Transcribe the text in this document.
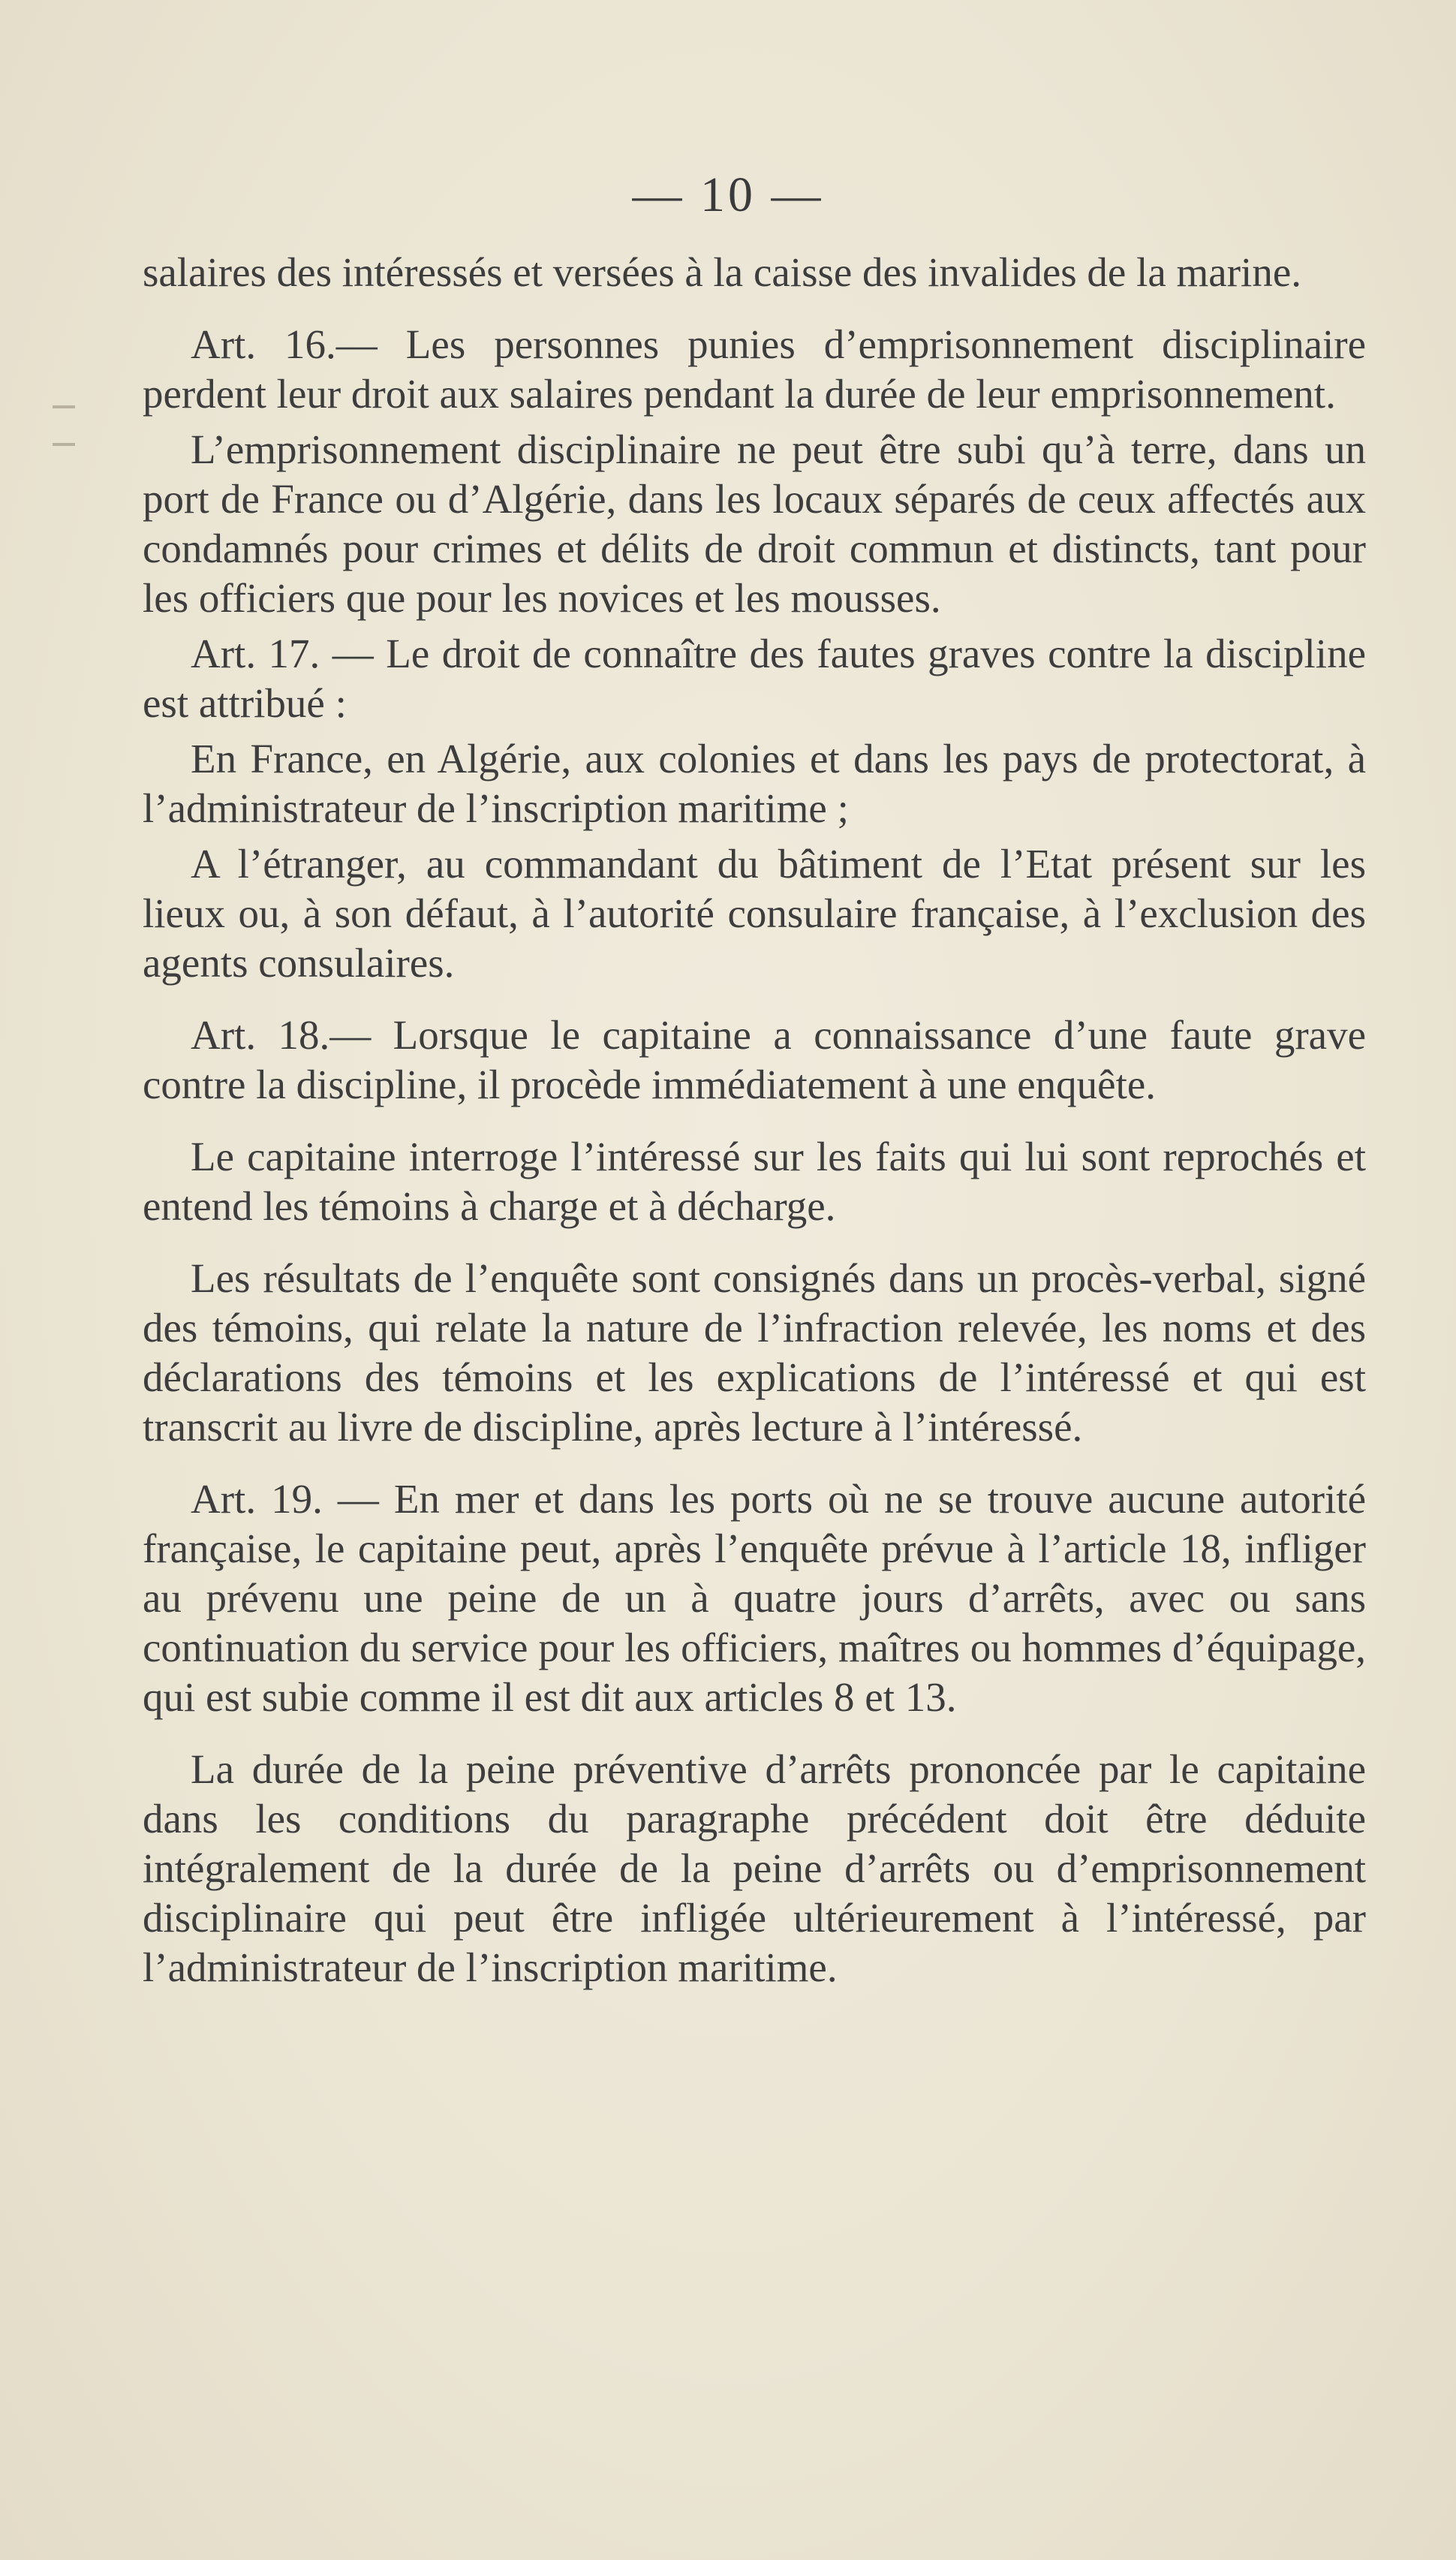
— 10 —

salaires des intéressés et versées à la caisse des invalides de la marine.

Art. 16.— Les personnes punies d’emprisonnement disciplinaire perdent leur droit aux salaires pendant la durée de leur emprisonnement.

L’emprisonnement disciplinaire ne peut être subi qu’à terre, dans un port de France ou d’Algérie, dans les locaux séparés de ceux affectés aux condamnés pour crimes et délits de droit commun et distincts, tant pour les officiers que pour les novices et les mousses.

Art. 17. — Le droit de connaître des fautes graves contre la discipline est attribué :

En France, en Algérie, aux colonies et dans les pays de protectorat, à l’administrateur de l’inscription maritime ;

A l’étranger, au commandant du bâtiment de l’Etat présent sur les lieux ou, à son défaut, à l’autorité consulaire française, à l’exclusion des agents consulaires.

Art. 18.— Lorsque le capitaine a connaissance d’une faute grave contre la discipline, il procède immédiatement à une enquête.

Le capitaine interroge l’intéressé sur les faits qui lui sont reprochés et entend les témoins à charge et à décharge.

Les résultats de l’enquête sont consignés dans un procès-verbal, signé des témoins, qui relate la nature de l’infraction relevée, les noms et des déclarations des témoins et les explications de l’intéressé et qui est transcrit au livre de discipline, après lecture à l’intéressé.

Art. 19. — En mer et dans les ports où ne se trouve aucune autorité française, le capitaine peut, après l’enquête prévue à l’article 18, infliger au prévenu une peine de un à quatre jours d’arrêts, avec ou sans continuation du service pour les officiers, maîtres ou hommes d’équipage, qui est subie comme il est dit aux articles 8 et 13.

La durée de la peine préventive d’arrêts prononcée par le capitaine dans les conditions du paragraphe précédent doit être déduite intégralement de la durée de la peine d’arrêts ou d’emprisonnement disciplinaire qui peut être infligée ultérieurement à l’intéressé, par l’administrateur de l’inscription maritime.
